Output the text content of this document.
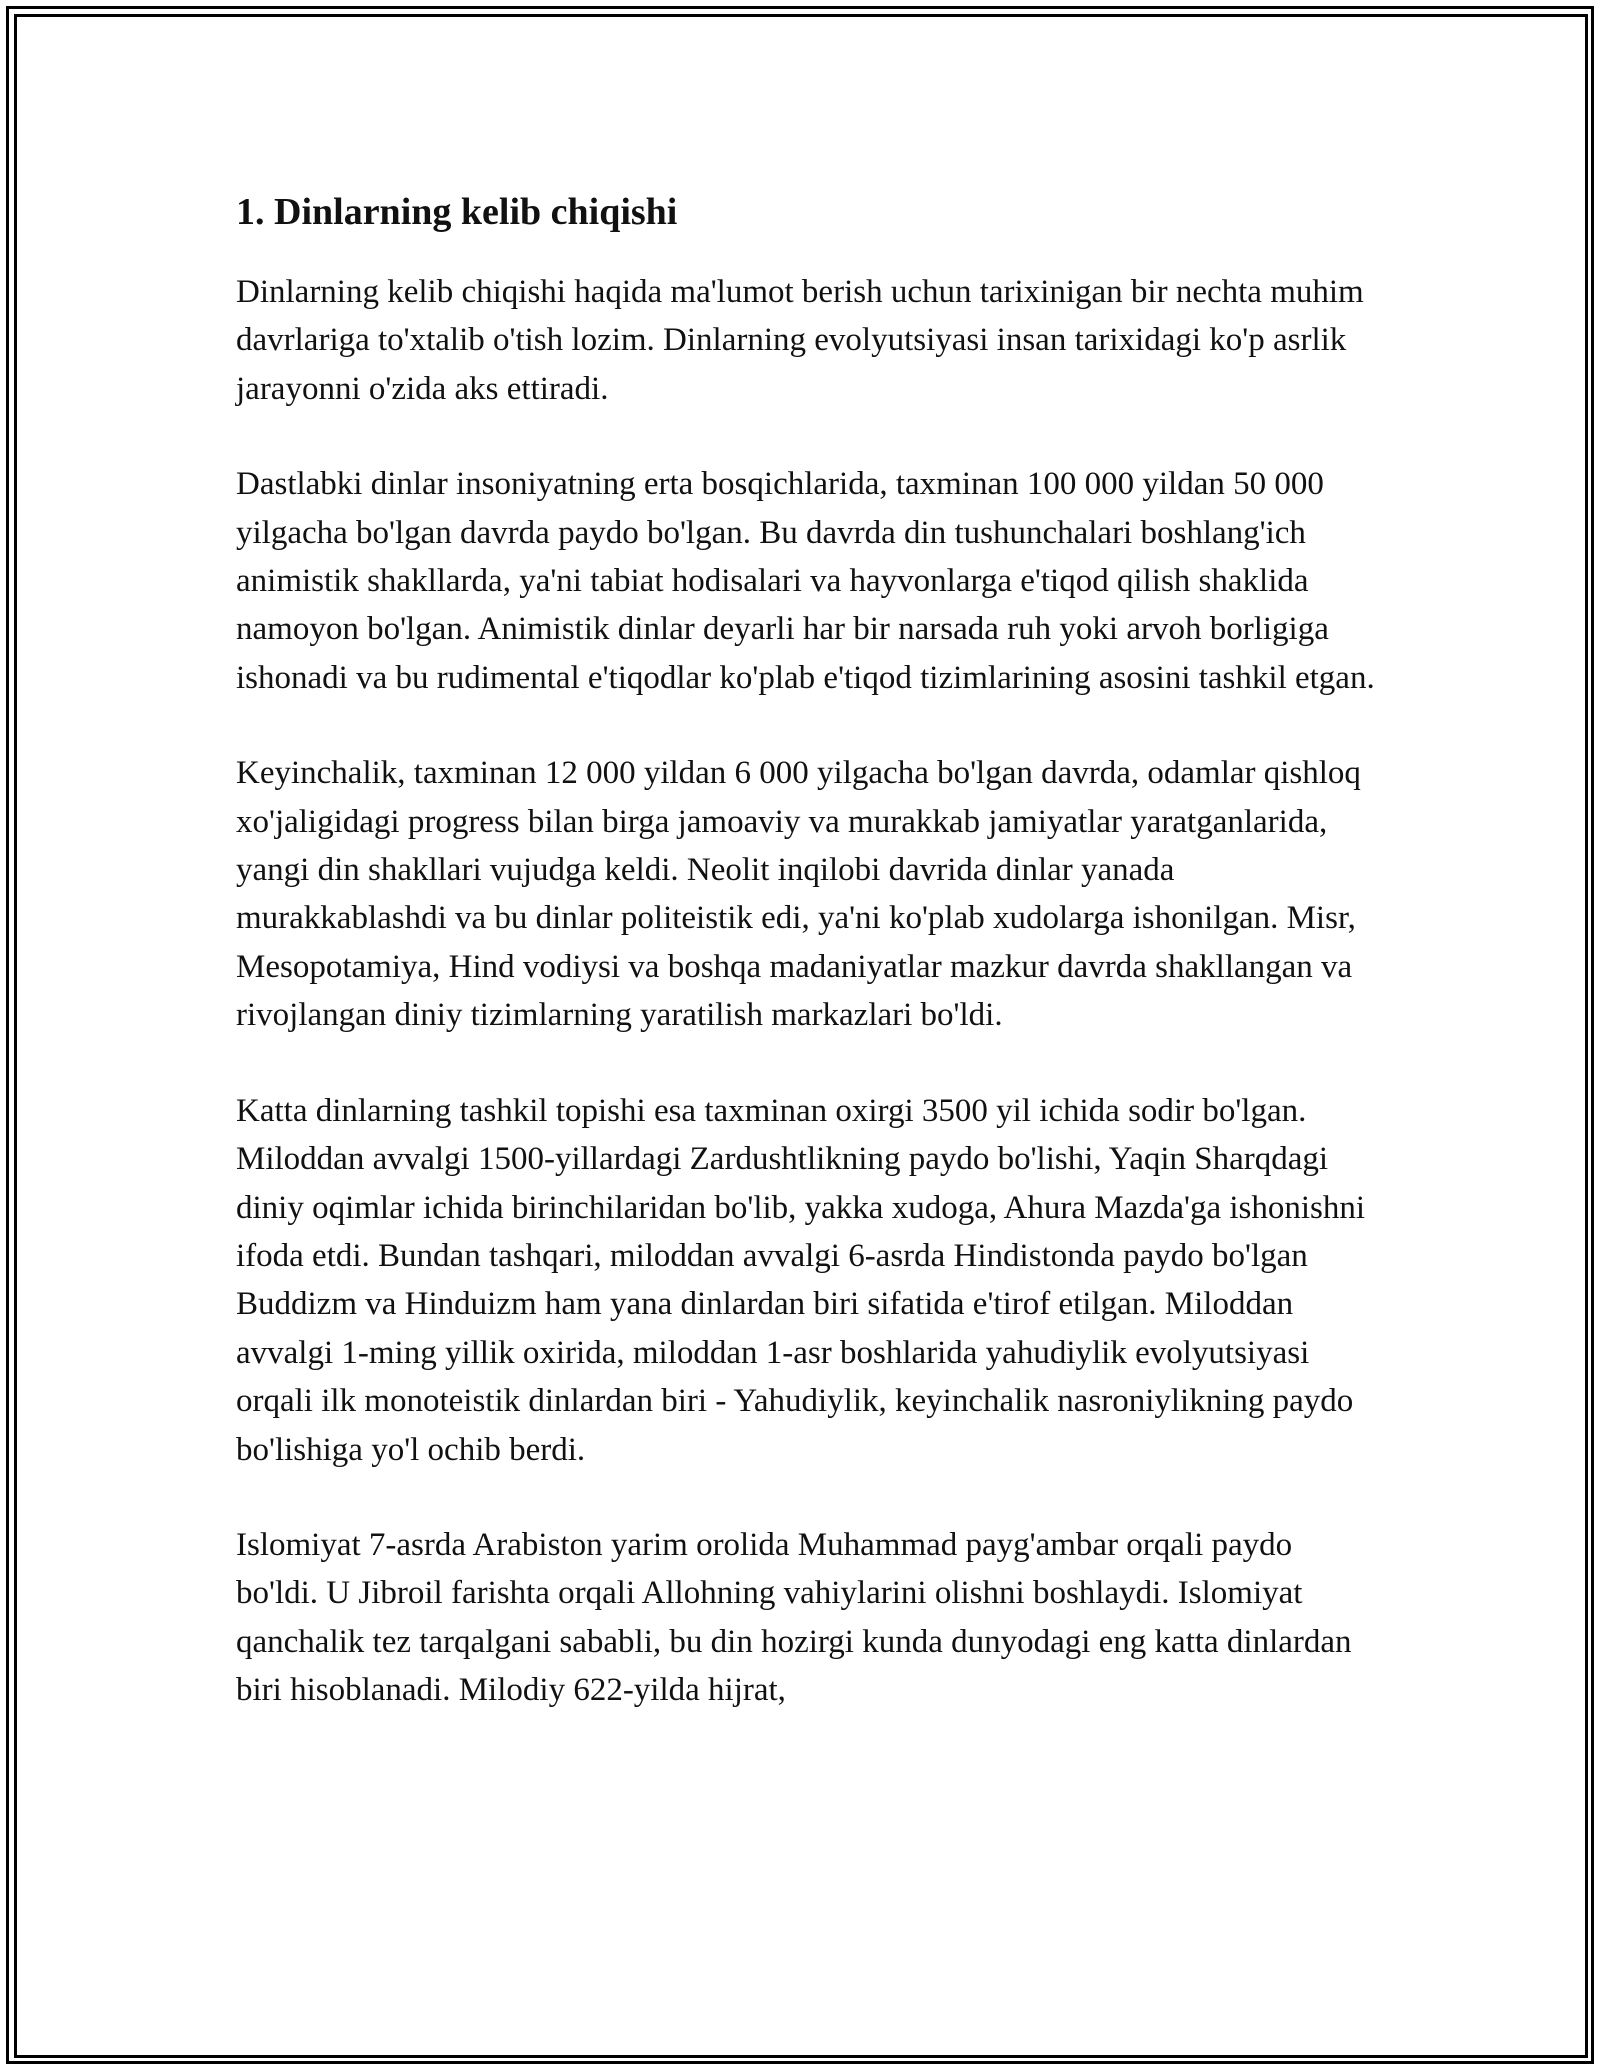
1. Dinlarning kelib chiqishi

Dinlarning kelib chiqishi haqida ma'lumot berish uchun tarixinigan bir nechta muhim davrlariga to'xtalib o'tish lozim. Dinlarning evolyutsiyasi insan tarixidagi ko'p asrlik jarayonni o'zida aks ettiradi.

Dastlabki dinlar insoniyatning erta bosqichlarida, taxminan 100 000 yildan 50 000 yilgacha bo'lgan davrda paydo bo'lgan. Bu davrda din tushunchalari boshlang'ich animistik shakllarda, ya'ni tabiat hodisalari va hayvonlarga e'tiqod qilish shaklida namoyon bo'lgan. Animistik dinlar deyarli har bir narsada ruh yoki arvoh borligiga ishonadi va bu rudimental e'tiqodlar ko'plab e'tiqod tizimlarining asosini tashkil etgan.

Keyinchalik, taxminan 12 000 yildan 6 000 yilgacha bo'lgan davrda, odamlar qishloq xo'jaligidagi progress bilan birga jamoaviy va murakkab jamiyatlar yaratganlarida, yangi din shakllari vujudga keldi. Neolit inqilobi davrida dinlar yanada murakkablashdi va bu dinlar politeistik edi, ya'ni ko'plab xudolarga ishonilgan. Misr, Mesopotamiya, Hind vodiysi va boshqa madaniyatlar mazkur davrda shakllangan va rivojlangan diniy tizimlarning yaratilish markazlari bo'ldi.

Katta dinlarning tashkil topishi esa taxminan oxirgi 3500 yil ichida sodir bo'lgan. Miloddan avvalgi 1500-yillardagi Zardushtlikning paydo bo'lishi, Yaqin Sharqdagi diniy oqimlar ichida birinchilaridan bo'lib, yakka xudoga, Ahura Mazda'ga ishonishni ifoda etdi. Bundan tashqari, miloddan avvalgi 6-asrda Hindistonda paydo bo'lgan Buddizm va Hinduizm ham yana dinlardan biri sifatida e'tirof etilgan. Miloddan avvalgi 1-ming yillik oxirida, miloddan 1-asr boshlarida yahudiylik evolyutsiyasi orqali ilk monoteistik dinlardan biri - Yahudiylik, keyinchalik nasroniylikning paydo bo'lishiga yo'l ochib berdi.

Islomiyat 7-asrda Arabiston yarim orolida Muhammad payg'ambar orqali paydo bo'ldi. U Jibroil farishta orqali Allohning vahiylarini olishni boshlaydi. Islomiyat qanchalik tez tarqalgani sababli, bu din hozirgi kunda dunyodagi eng katta dinlardan biri hisoblanadi. Milodiy 622-yilda hijrat,
